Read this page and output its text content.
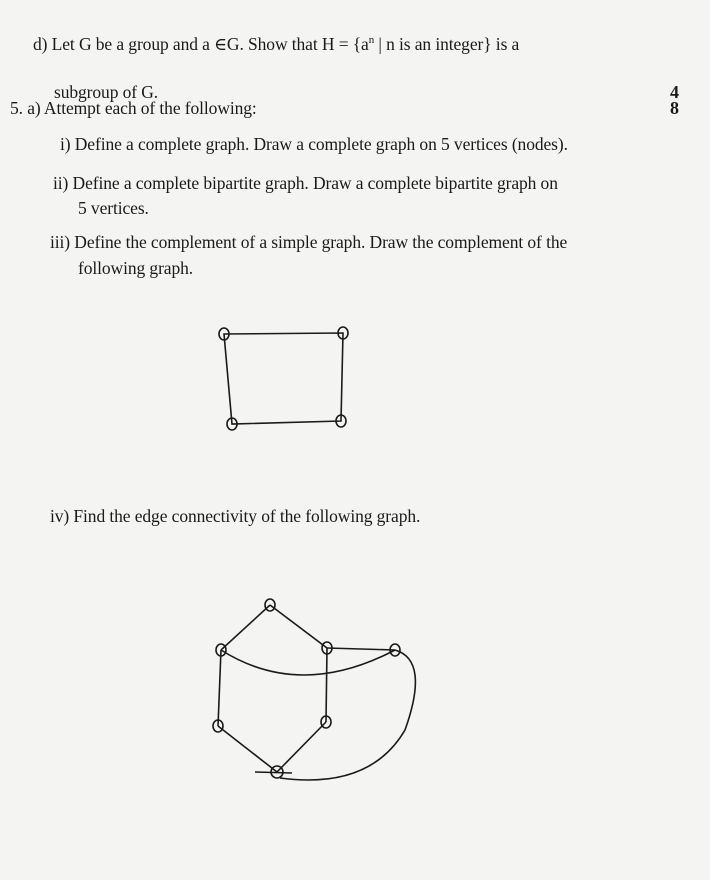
d) Let G be a group and a ∈G. Show that $H = \{a^n$ | n is an integer} is a
subgroup of G.	4
5. a) Attempt each of the following:	8
i) Define a complete graph. Draw a complete graph on 5 vertices (nodes).
ii) Define a complete bipartite graph. Draw a complete bipartite graph on
5 vertices.
iii) Define the complement of a simple graph. Draw the complement of the
following graph.
iv) Find the edge connectivity of the following graph.
